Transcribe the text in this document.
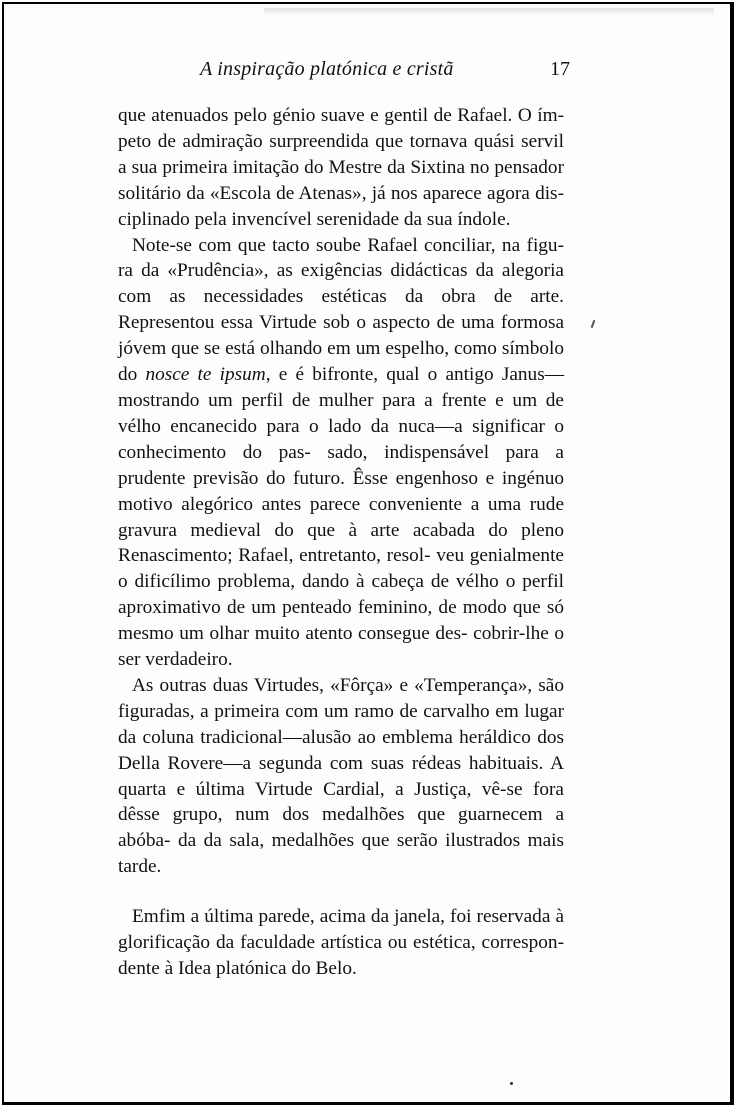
A inspiração platónica e cristã	17

que atenuados pelo génio suave e gentil de Rafael. O ím- peto de admiração surpreendida que tornava quási servil a sua primeira imitação do Mestre da Sixtina no pensador solitário da «Escola de Atenas», já nos aparece agora dis- ciplinado pela invencível serenidade da sua índole.

Note-se com que tacto soube Rafael conciliar, na figu- ra da «Prudência», as exigências didácticas da alegoria com as necessidades estéticas da obra de arte. Representou essa Virtude sob o aspecto de uma formosa jóvem que se está olhando em um espelho, como símbolo do nosce te ipsum, e é bifronte, qual o antigo Janus—mostrando um perfil de mulher para a frente e um de vélho encanecido para o lado da nuca—a significar o conhecimento do pas- sado, indispensável para a prudente previsão do futuro. Êsse engenhoso e ingénuo motivo alegórico antes parece conveniente a uma rude gravura medieval do que à arte acabada do pleno Renascimento; Rafael, entretanto, resol- veu genialmente o dificílimo problema, dando à cabeça de vélho o perfil aproximativo de um penteado feminino, de modo que só mesmo um olhar muito atento consegue des- cobrir-lhe o ser verdadeiro.

As outras duas Virtudes, «Fôrça» e «Temperança», são figuradas, a primeira com um ramo de carvalho em lugar da coluna tradicional—alusão ao emblema heráldico dos Della Rovere—a segunda com suas rédeas habituais. A quarta e última Virtude Cardial, a Justiça, vê-se fora dêsse grupo, num dos medalhões que guarnecem a abóba- da da sala, medalhões que serão ilustrados mais tarde.

Emfim a última parede, acima da janela, foi reservada à glorificação da faculdade artística ou estética, correspon- dente à Idea platónica do Belo.
